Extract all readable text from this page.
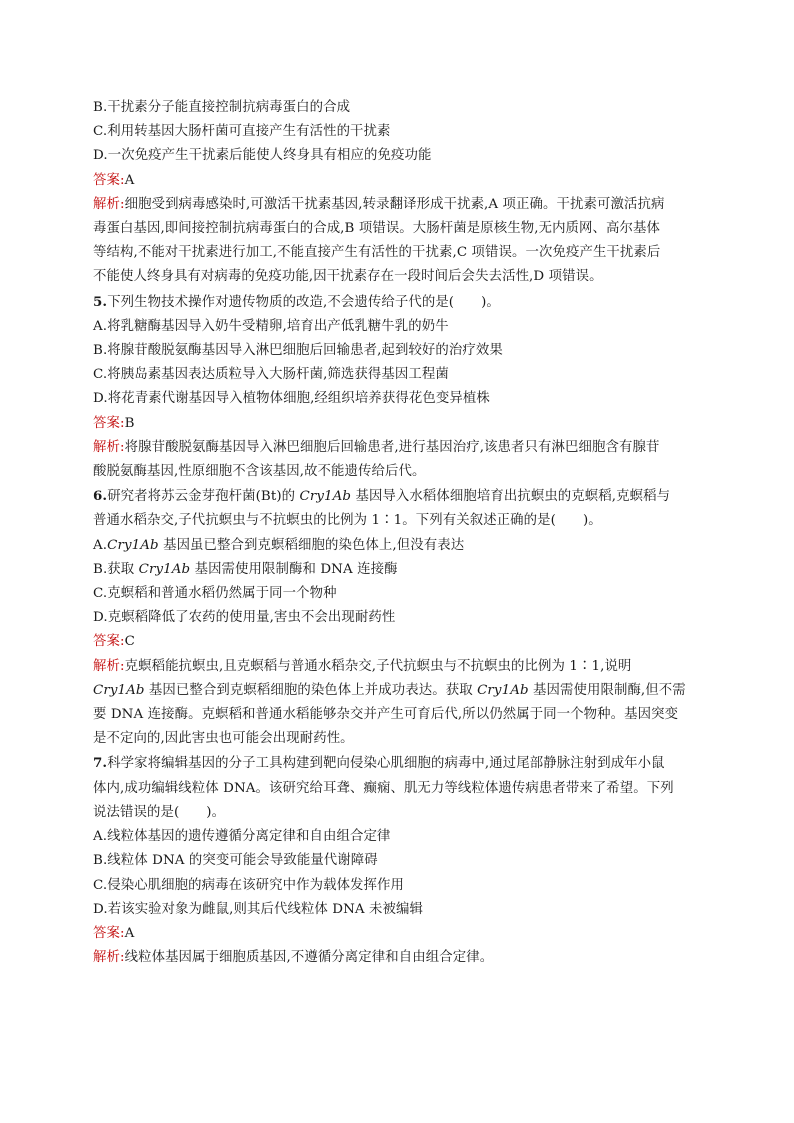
B.干扰素分子能直接控制抗病毒蛋白的合成
C.利用转基因大肠杆菌可直接产生有活性的干扰素
D.一次免疫产生干扰素后能使人终身具有相应的免疫功能
答案:A
解析:细胞受到病毒感染时,可激活干扰素基因,转录翻译形成干扰素,A 项正确。干扰素可激活抗病
毒蛋白基因,即间接控制抗病毒蛋白的合成,B 项错误。大肠杆菌是原核生物,无内质网、高尔基体
等结构,不能对干扰素进行加工,不能直接产生有活性的干扰素,C 项错误。一次免疫产生干扰素后
不能使人终身具有对病毒的免疫功能,因干扰素存在一段时间后会失去活性,D 项错误。
5.下列生物技术操作对遗传物质的改造,不会遗传给子代的是(　　)。
A.将乳糖酶基因导入奶牛受精卵,培育出产低乳糖牛乳的奶牛
B.将腺苷酸脱氨酶基因导入淋巴细胞后回输患者,起到较好的治疗效果
C.将胰岛素基因表达质粒导入大肠杆菌,筛选获得基因工程菌
D.将花青素代谢基因导入植物体细胞,经组织培养获得花色变异植株
答案:B
解析:将腺苷酸脱氨酶基因导入淋巴细胞后回输患者,进行基因治疗,该患者只有淋巴细胞含有腺苷
酸脱氨酶基因,性原细胞不含该基因,故不能遗传给后代。
6.研究者将苏云金芽孢杆菌(Bt)的 Cry1Ab 基因导入水稻体细胞培育出抗螟虫的克螟稻,克螟稻与
普通水稻杂交,子代抗螟虫与不抗螟虫的比例为 1∶1。下列有关叙述正确的是(　　)。
A.Cry1Ab 基因虽已整合到克螟稻细胞的染色体上,但没有表达
B.获取 Cry1Ab 基因需使用限制酶和 DNA 连接酶
C.克螟稻和普通水稻仍然属于同一个物种
D.克螟稻降低了农药的使用量,害虫不会出现耐药性
答案:C
解析:克螟稻能抗螟虫,且克螟稻与普通水稻杂交,子代抗螟虫与不抗螟虫的比例为 1∶1,说明
Cry1Ab 基因已整合到克螟稻细胞的染色体上并成功表达。获取 Cry1Ab 基因需使用限制酶,但不需
要 DNA 连接酶。克螟稻和普通水稻能够杂交并产生可育后代,所以仍然属于同一个物种。基因突变
是不定向的,因此害虫也可能会出现耐药性。
7.科学家将编辑基因的分子工具构建到靶向侵染心肌细胞的病毒中,通过尾部静脉注射到成年小鼠
体内,成功编辑线粒体 DNA。该研究给耳聋、癫痫、肌无力等线粒体遗传病患者带来了希望。下列
说法错误的是(　　)。
A.线粒体基因的遗传遵循分离定律和自由组合定律
B.线粒体 DNA 的突变可能会导致能量代谢障碍
C.侵染心肌细胞的病毒在该研究中作为载体发挥作用
D.若该实验对象为雌鼠,则其后代线粒体 DNA 未被编辑
答案:A
解析:线粒体基因属于细胞质基因,不遵循分离定律和自由组合定律。
